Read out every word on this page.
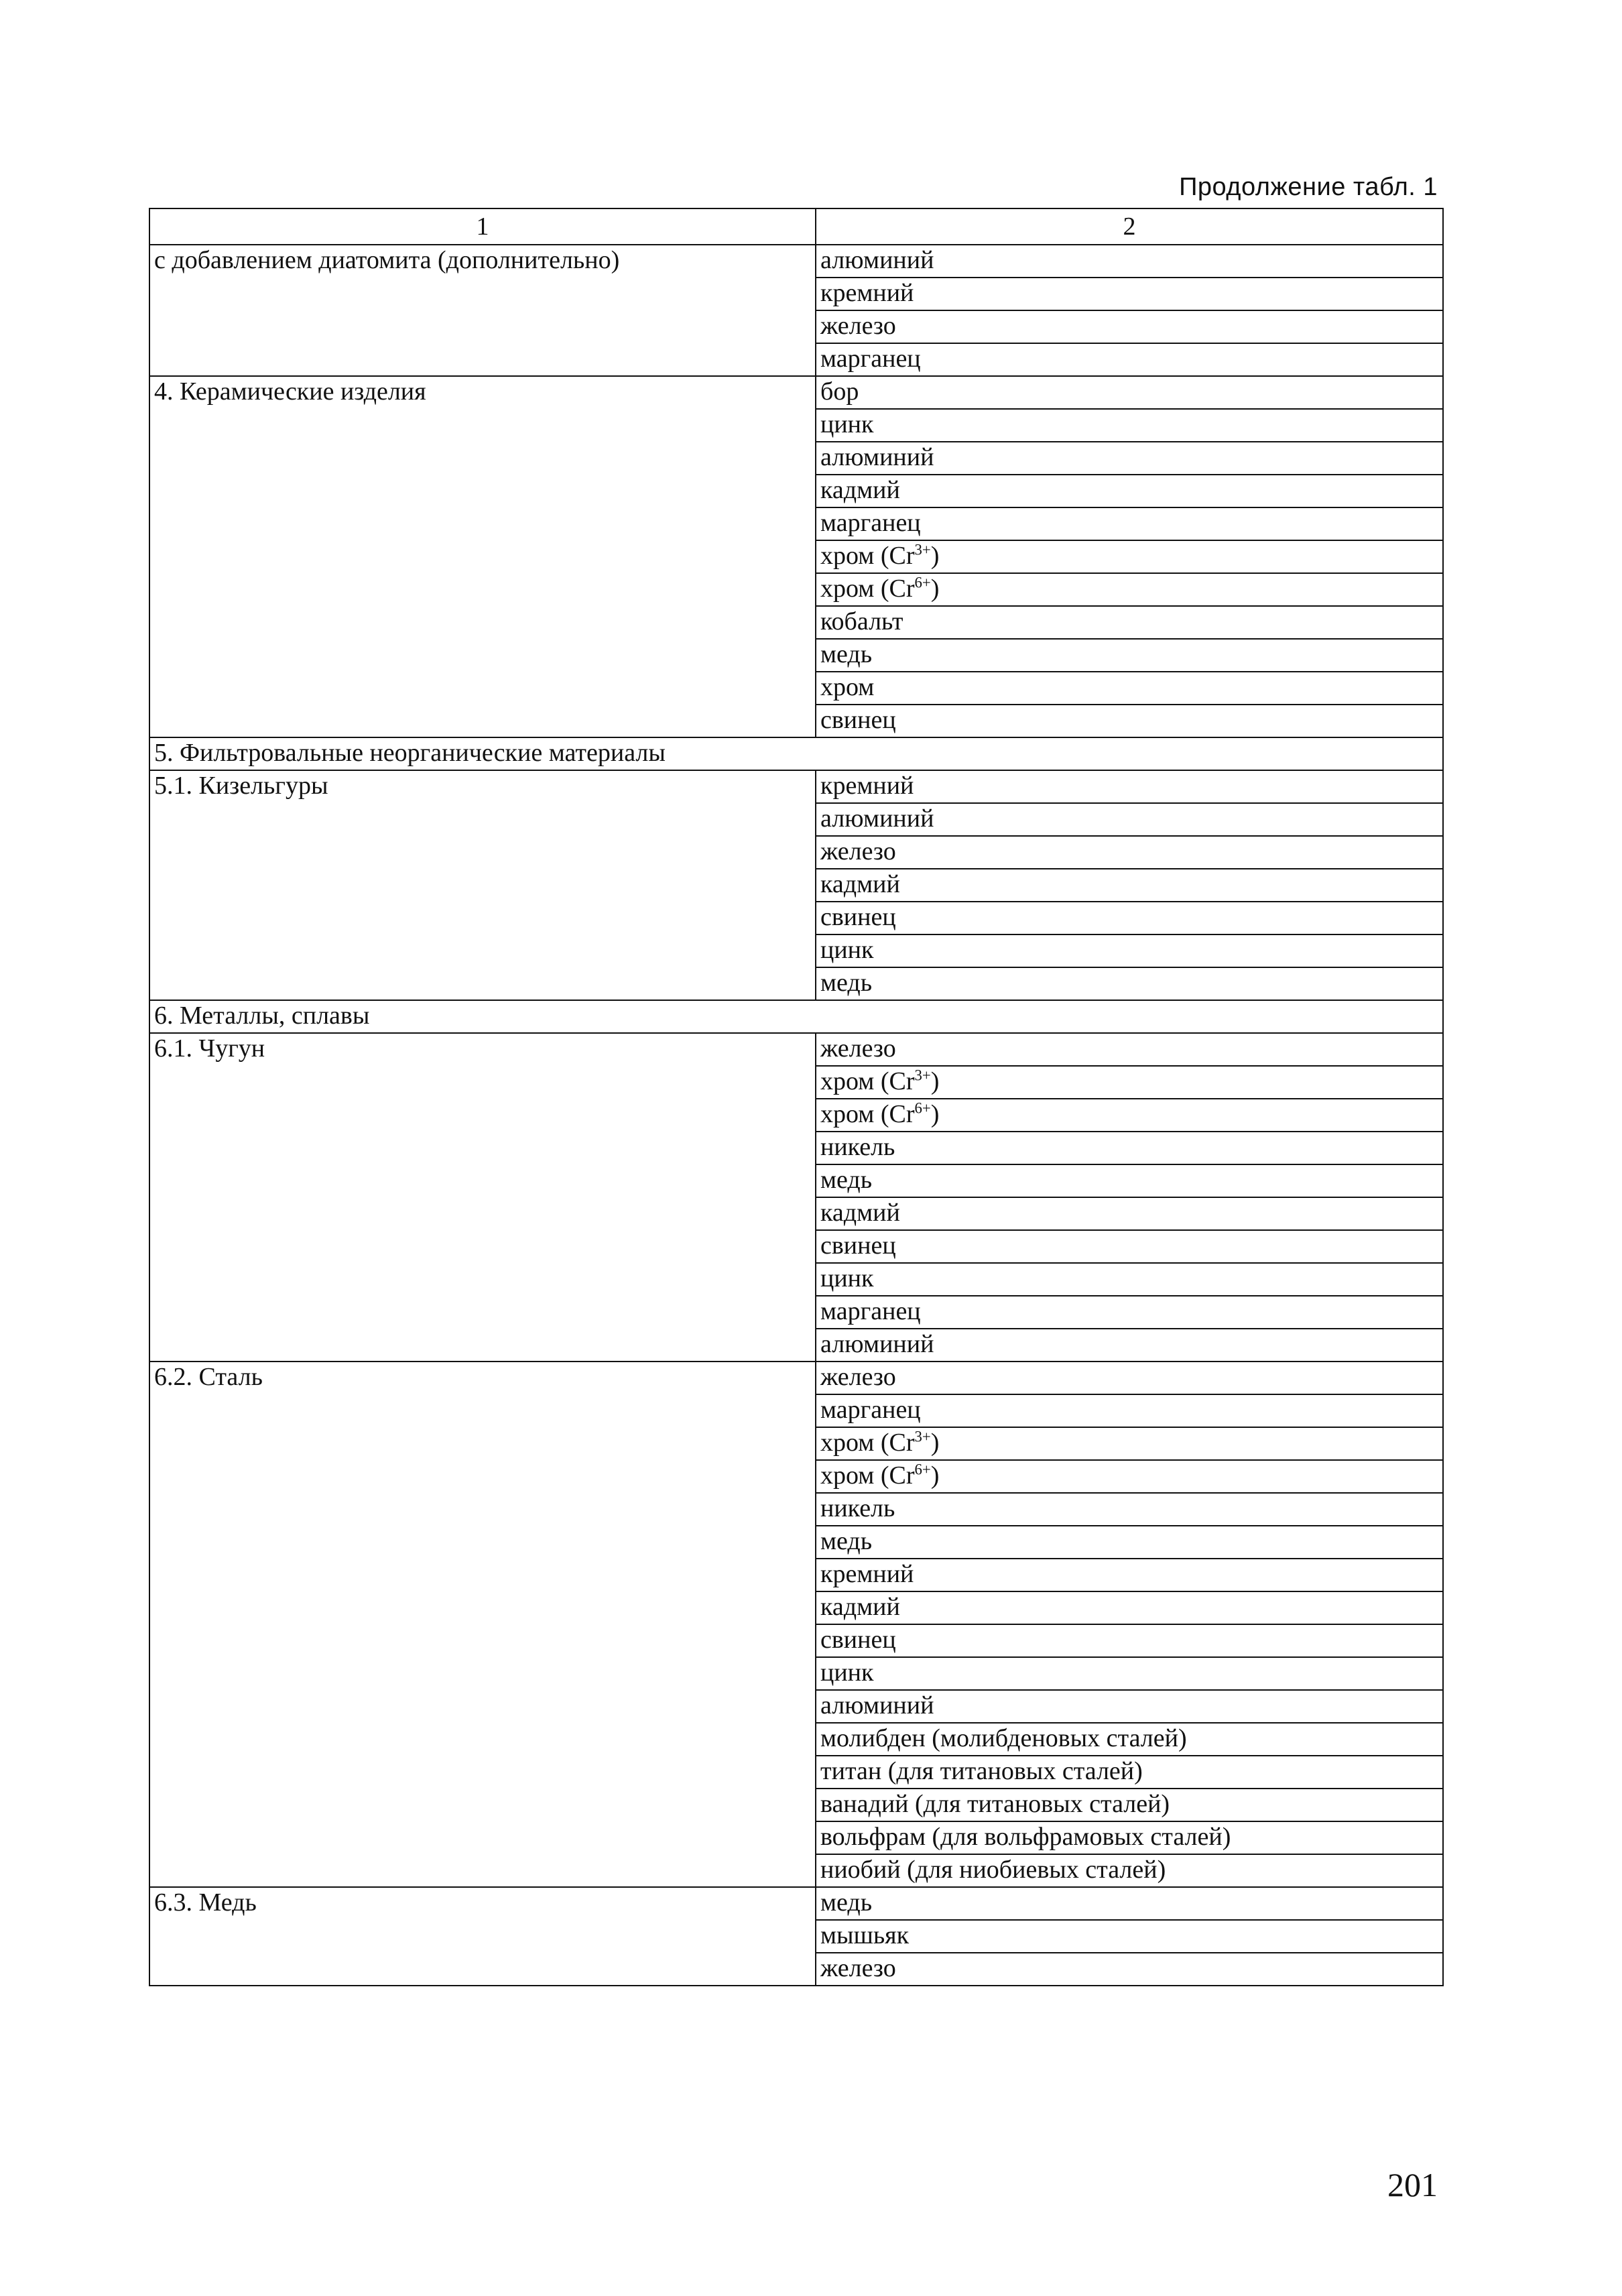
Продолжение табл. 1
1	2
с добавлением диатомита (дополнительно)	алюминий
	кремний
	железо
	марганец
4. Керамические изделия	бор
	цинк
	алюминий
	кадмий
	марганец
	хром $(Cr^{3+})$
	хром $(Cr^{6+})$
	кобальт
	медь
	хром
	свинец
5. Фильтровальные неорганические материалы	
5.1. Кизельгуры	кремний
	алюминий
	железо
	кадмий
	свинец
	цинк
	медь
6. Металлы, сплавы	
6.1. Чугун	железо
	хром $(Cr^{3+})$
	хром $(Cr^{6+})$
	никель
	медь
	кадмий
	свинец
	цинк
	марганец
	алюминий
6.2. Сталь	железо
	марганец
	хром $(Cr^{3+})$
	хром $(Cr^{6+})$
	никель
	медь
	кремний
	кадмий
	свинец
	цинк
	алюминий
	молибден (молибденовых сталей)
	титан (для титановых сталей)
	ванадий (для титановых сталей)
	вольфрам (для вольфрамовых сталей)
	ниобий (для ниобиевых сталей)
6.3. Медь	медь
	мышьяк
	железо
201
